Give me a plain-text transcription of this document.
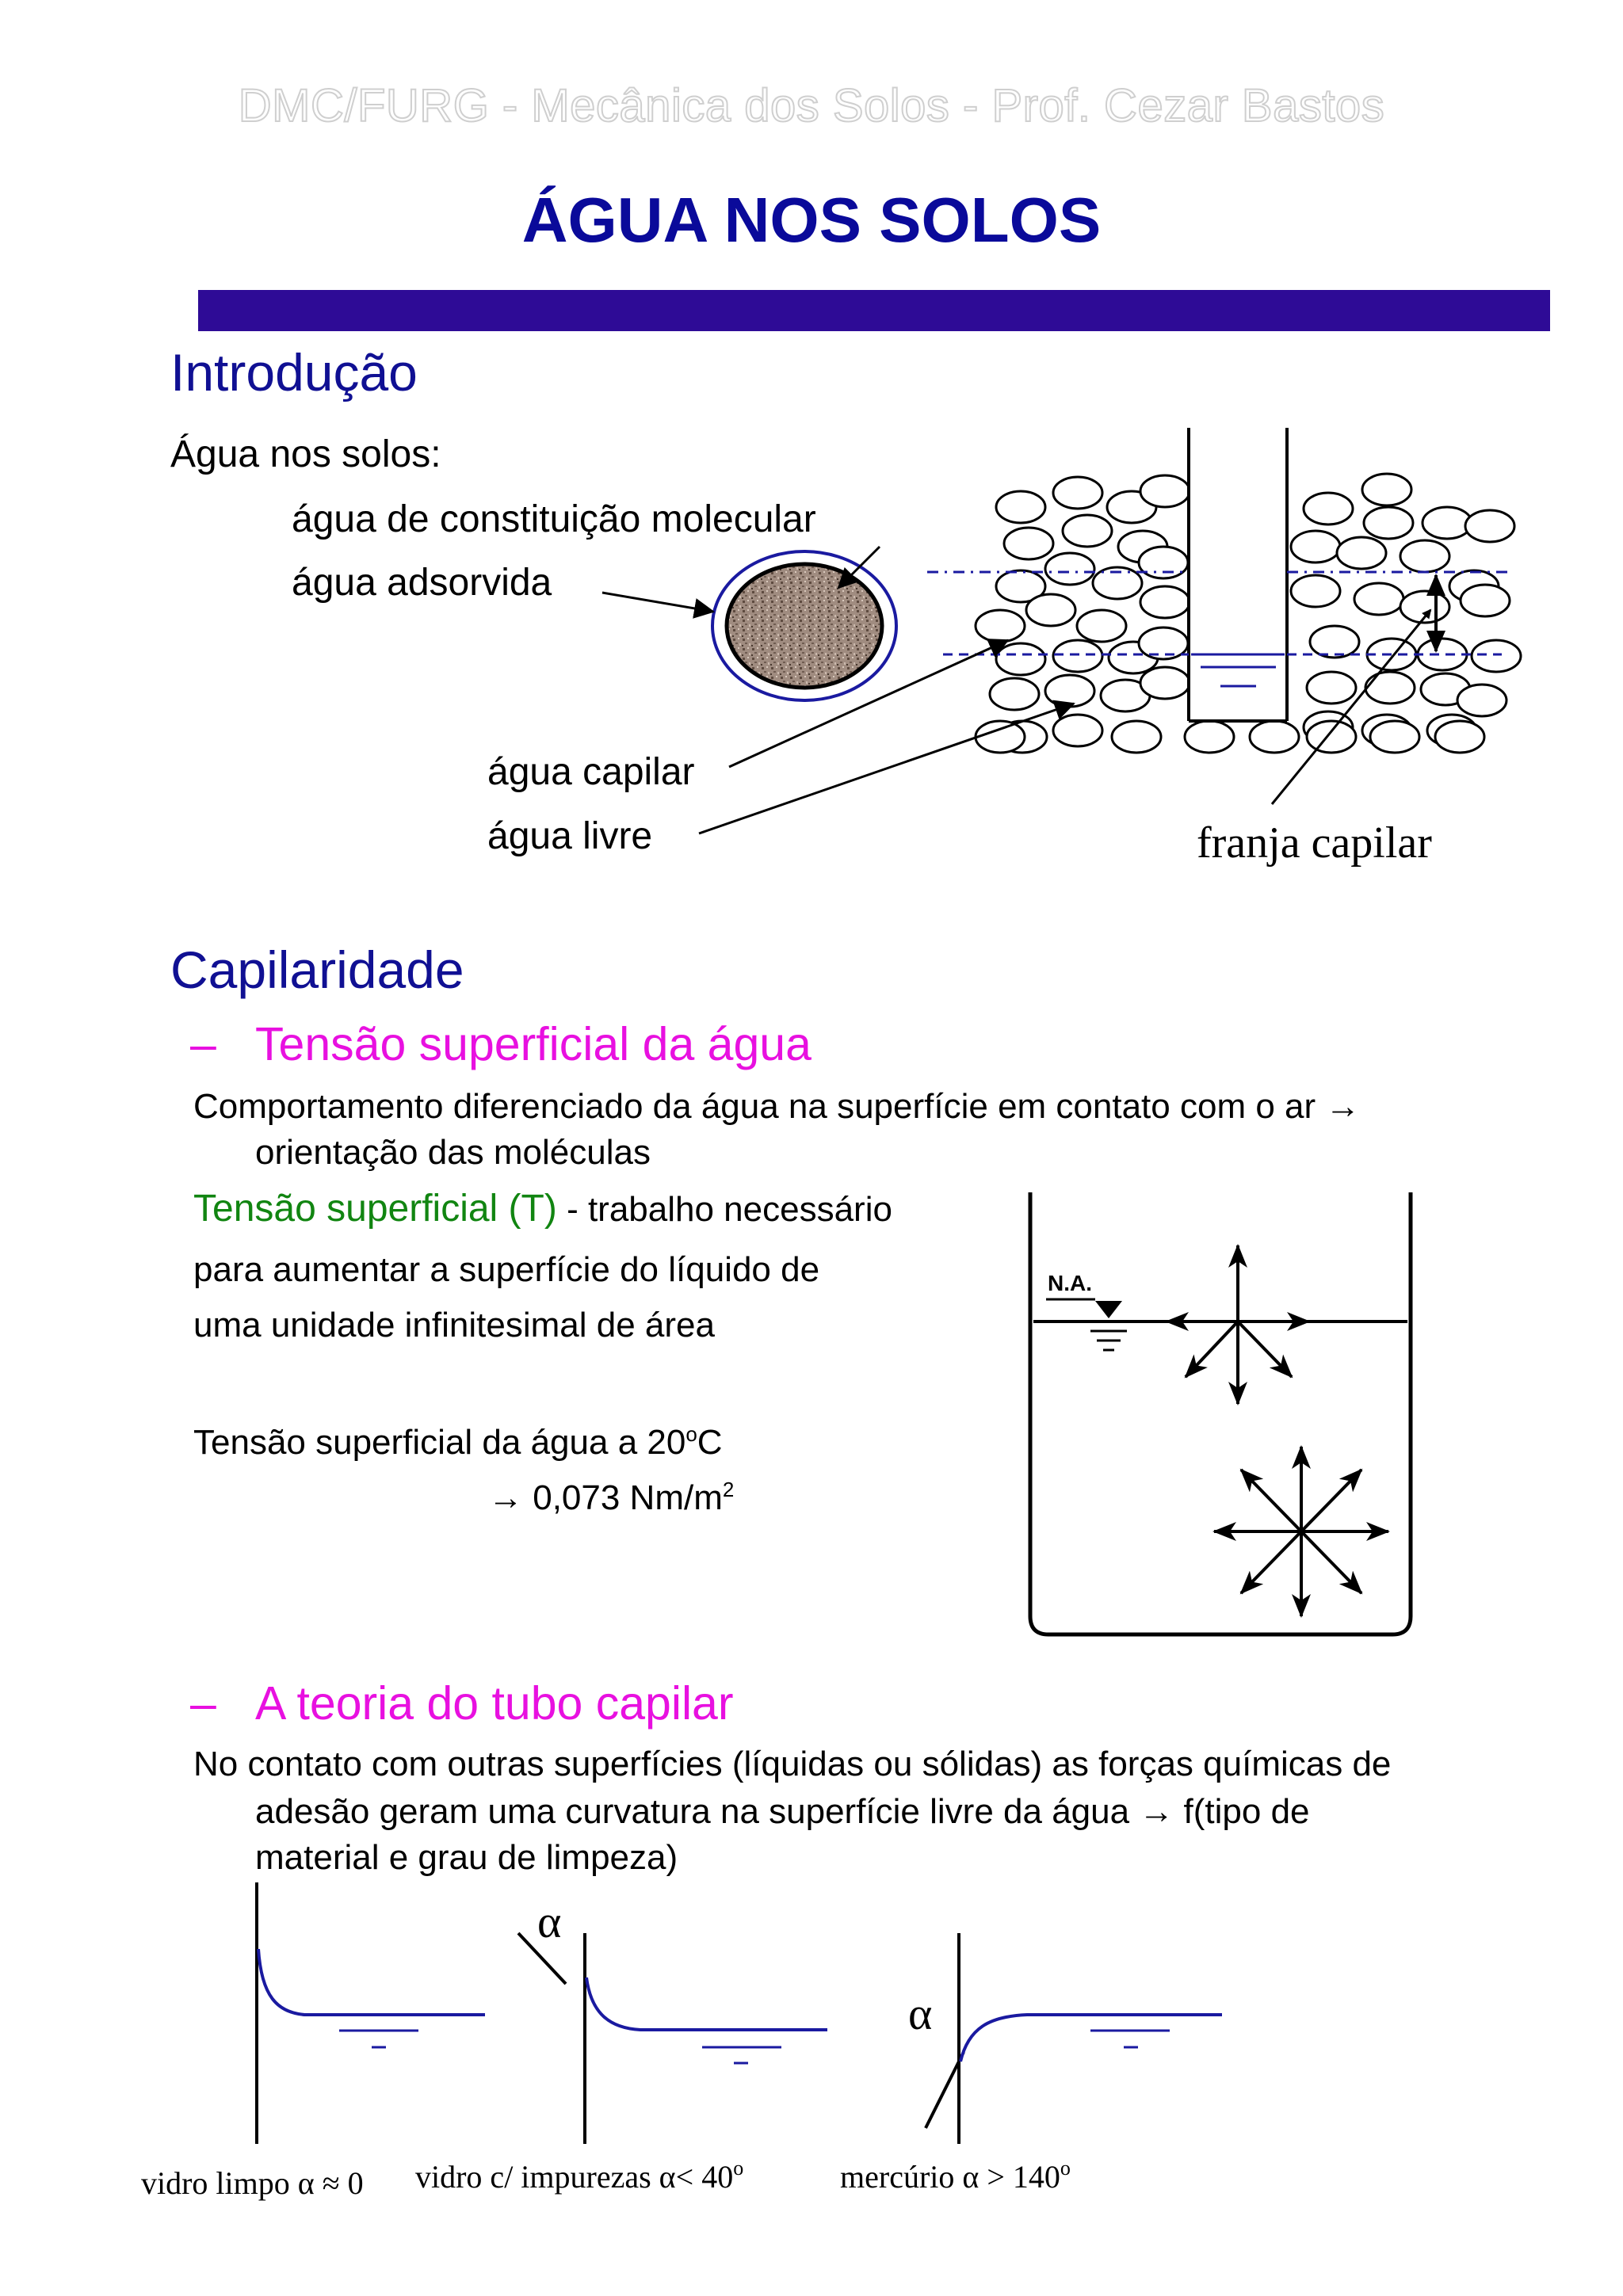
DMC/FURG - Mecânica dos Solos - Prof. Cezar Bastos
ÁGUA NOS SOLOS
Introdução
Água nos solos:
água de constituição molecular
água adsorvida
água capilar
água livre	franja capilar
Capilaridade
– Tensão superficial da água
Comportamento diferenciado da água na superfície em contato com o ar →
orientação das moléculas
Tensão superficial (T) - trabalho necessário
para aumentar a superfície do líquido de
uma unidade infinitesimal de área
Tensão superficial da água a $20^oC$
→ 0,073 $Nm/m^2$
N.A.
– A teoria do tubo capilar
No contato com outras superfícies (líquidas ou sólidas) as forças químicas de
adesão geram uma curvatura na superfície livre da água → f(tipo de
material e grau de limpeza)
α
α
vidro limpo α ≈ 0 vidro c/ impurezas $\alpha< 40^o$	mercúrio $\alpha > 140^o$
